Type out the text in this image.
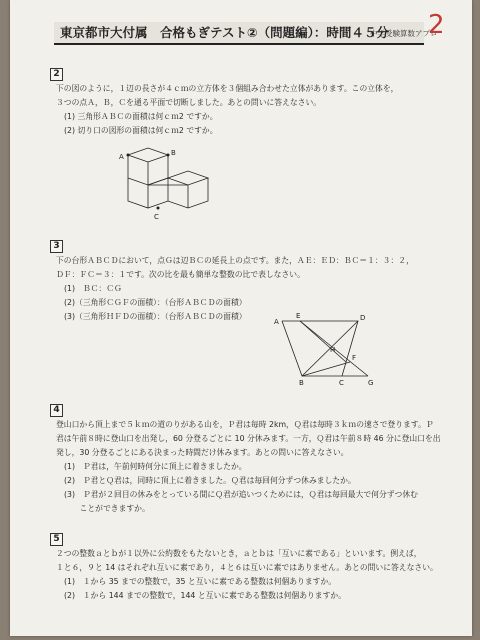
東京都市大付属　合格もぎテスト②（問題編）：時間４５分
中学受験算数アプロ
2
2
下の図のように，１辺の長さが４ｃｍの立方体を３個組み合わせた立体があります。この立体を，
３つの点Ａ，Ｂ，Ｃを通る平面で切断しました。あとの問いに答えなさい。
(1) 三角形ＡＢＣの面積は何ｃｍ2 ですか。
(2) 切り口の図形の面積は何ｃｍ2 ですか。
A	B
C
3
下の台形ＡＢＣＤにおいて，点Ｇは辺ＢＣの延長上の点です。また，ＡＥ：ＥＤ：ＢＣ＝１：３：２，
ＤＦ：ＦＣ＝３：１です。次の比を最も簡単な整数の比で表しなさい。
(1)　ＢＣ：ＣＧ
(2)（三角形ＣＧＦの面積）：（台形ＡＢＣＤの面積）
(3)（三角形ＨＦＤの面積）：（台形ＡＢＣＤの面積）
A
E	D
H
F
B	C	G
4
登山口から頂上まで５ｋｍの道のりがある山を，Ｐ君は毎時 2km，Ｑ君は毎時３ｋｍの速さで登ります。Ｐ
君は午前８時に登山口を出発し，60 分登るごとに 10 分休みます。一方，Ｑ君は午前８時 46 分に登山口を出
発し，30 分登るごとにある決まった時間だけ休みます。あとの問いに答えなさい。
(1)　Ｐ君は，午前何時何分に頂上に着きましたか。
(2)　Ｐ君とＱ君は，同時に頂上に着きました。Ｑ君は毎回何分ずつ休みましたか。
(3)　Ｐ君が２回目の休みをとっている間にＱ君が追いつくためには，Ｑ君は毎回最大で何分ずつ休む
　　ことができますか。
5
２つの整数ａとｂが１以外に公約数をもたないとき，ａとｂは「互いに素である」といいます。例えば，
１と６，９と 14 はそれぞれ互いに素であり，４と６は互いに素ではありません。あとの問いに答えなさい。
(1)　１から 35 までの整数で，35 と互いに素である整数は何個ありますか。
(2)　１から 144 までの整数で，144 と互いに素である整数は何個ありますか。
